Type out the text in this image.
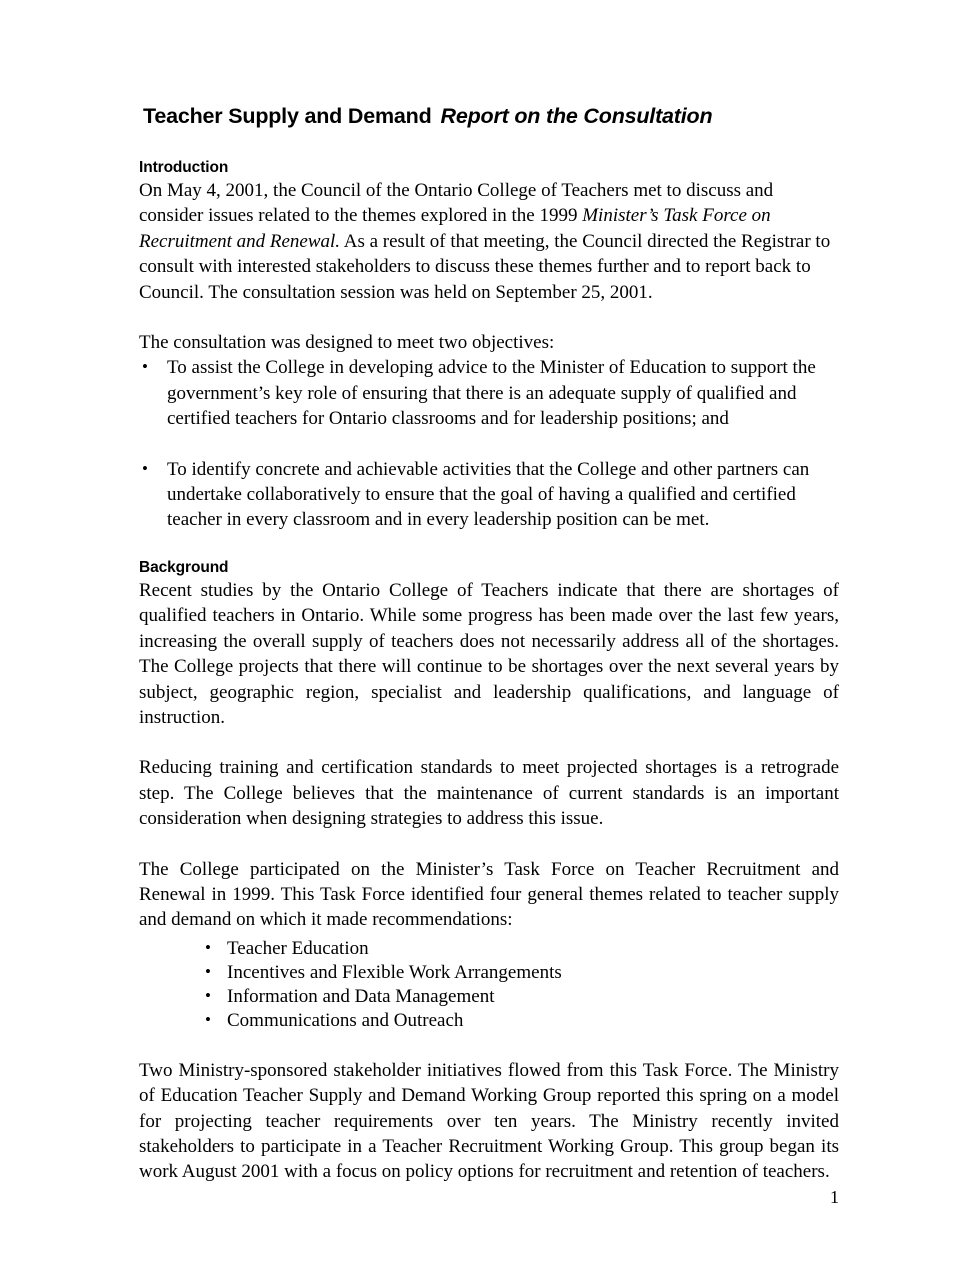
Teacher Supply and Demand Report on the Consultation
Introduction

On May 4, 2001, the Council of the Ontario College of Teachers met to discuss and consider issues related to the themes explored in the 1999 Minister’s Task Force on Recruitment and Renewal. As a result of that meeting, the Council directed the Registrar to consult with interested stakeholders to discuss these themes further and to report back to Council. The consultation session was held on September 25, 2001.

The consultation was designed to meet two objectives:

• To assist the College in developing advice to the Minister of Education to support the government’s key role of ensuring that there is an adequate supply of qualified and certified teachers for Ontario classrooms and for leadership positions; and
• To identify concrete and achievable activities that the College and other partners can undertake collaboratively to ensure that the goal of having a qualified and certified teacher in every classroom and in every leadership position can be met.
Background

Recent studies by the Ontario College of Teachers indicate that there are shortages of qualified teachers in Ontario. While some progress has been made over the last few years, increasing the overall supply of teachers does not necessarily address all of the shortages. The College projects that there will continue to be shortages over the next several years by subject, geographic region, specialist and leadership qualifications, and language of instruction.

Reducing training and certification standards to meet projected shortages is a retrograde step. The College believes that the maintenance of current standards is an important consideration when designing strategies to address this issue.

The College participated on the Minister’s Task Force on Teacher Recruitment and Renewal in 1999. This Task Force identified four general themes related to teacher supply and demand on which it made recommendations:

• Teacher Education
• Incentives and Flexible Work Arrangements
• Information and Data Management
• Communications and Outreach

Two Ministry-sponsored stakeholder initiatives flowed from this Task Force. The Ministry of Education Teacher Supply and Demand Working Group reported this spring on a model for projecting teacher requirements over ten years. The Ministry recently invited stakeholders to participate in a Teacher Recruitment Working Group. This group began its work August 2001 with a focus on policy options for recruitment and retention of teachers.

1
